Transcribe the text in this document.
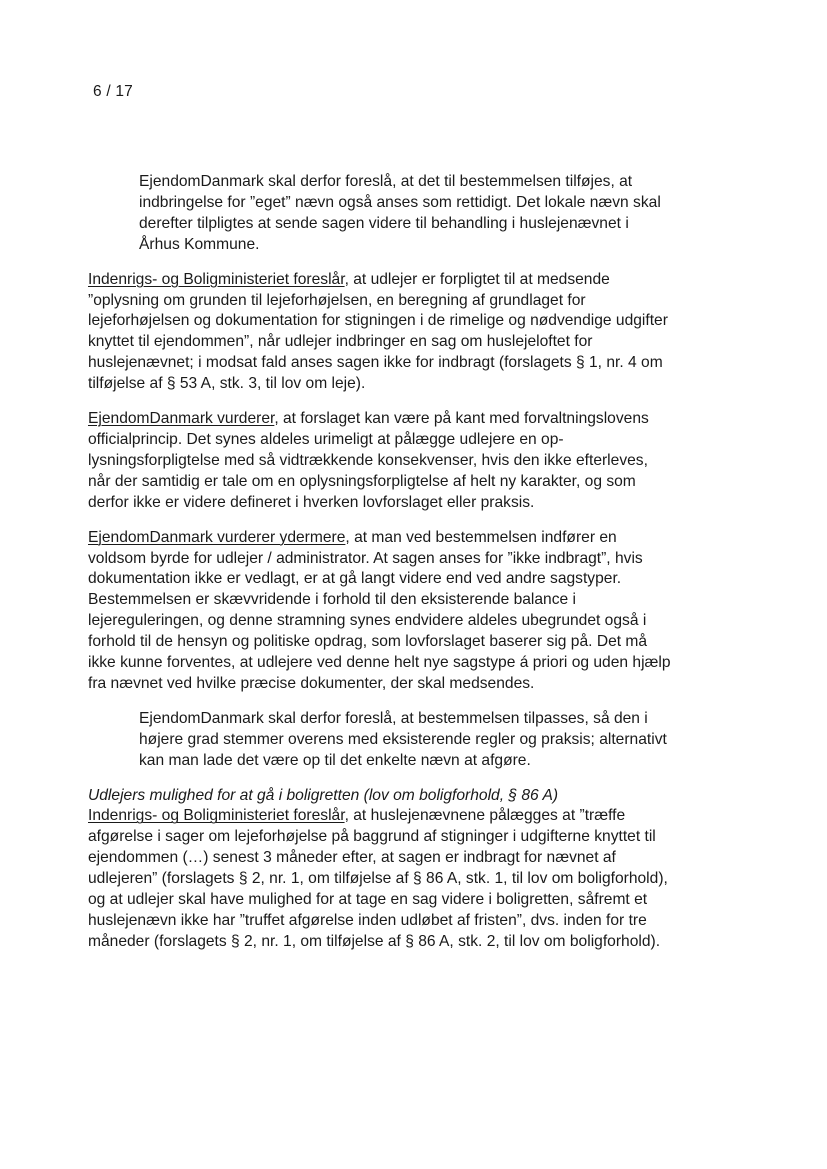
6 / 17

EjendomDanmark skal derfor foreslå, at det til bestemmelsen tilføjes, at indbringelse for ”eget” nævn også anses som rettidigt. Det lokale nævn skal derefter tilpligtes at sende sagen videre til behandling i huslejenævnet i Århus Kommune.

Indenrigs- og Boligministeriet foreslår, at udlejer er forpligtet til at medsende ”oplysning om grunden til lejeforhøjelsen, en beregning af grundlaget for lejeforhøjelsen og dokumentation for stigningen i de rimelige og nødvendige udgifter knyttet til ejendommen”, når udlejer indbringer en sag om huslejeloftet for huslejenævnet; i modsat fald anses sagen ikke for indbragt (forslagets § 1, nr. 4 om tilføjelse af § 53 A, stk. 3, til lov om leje).

EjendomDanmark vurderer, at forslaget kan være på kant med forvaltningslovens officialprincip. Det synes aldeles urimeligt at pålægge udlejere en oplysningsforpligtelse med så vidtrækkende konsekvenser, hvis den ikke efterleves, når der samtidig er tale om en oplysningsforpligtelse af helt ny karakter, og som derfor ikke er videre defineret i hverken lovforslaget eller praksis.

EjendomDanmark vurderer ydermere, at man ved bestemmelsen indfører en voldsom byrde for udlejer / administrator. At sagen anses for ”ikke indbragt”, hvis dokumentation ikke er vedlagt, er at gå langt videre end ved andre sagstyper. Bestemmelsen er skævvridende i forhold til den eksisterende balance i lejereguleringen, og denne stramning synes endvidere aldeles ubegrundet også i forhold til de hensyn og politiske opdrag, som lovforslaget baserer sig på. Det må ikke kunne forventes, at udlejere ved denne helt nye sagstype á priori og uden hjælp fra nævnet ved hvilke præcise dokumenter, der skal medsendes.

EjendomDanmark skal derfor foreslå, at bestemmelsen tilpasses, så den i højere grad stemmer overens med eksisterende regler og praksis; alternativt kan man lade det være op til det enkelte nævn at afgøre.

Udlejers mulighed for at gå i boligretten (lov om boligforhold, § 86 A)
Indenrigs- og Boligministeriet foreslår, at huslejenævnene pålægges at ”træffe afgørelse i sager om lejeforhøjelse på baggrund af stigninger i udgifterne knyttet til ejendommen (…) senest 3 måneder efter, at sagen er indbragt for nævnet af udlejeren” (forslagets § 2, nr. 1, om tilføjelse af § 86 A, stk. 1, til lov om boligforhold), og at udlejer skal have mulighed for at tage en sag videre i boligretten, såfremt et huslejenævn ikke har ”truffet afgørelse inden udløbet af fristen”, dvs. inden for tre måneder (forslagets § 2, nr. 1, om tilføjelse af § 86 A, stk. 2, til lov om boligforhold).
